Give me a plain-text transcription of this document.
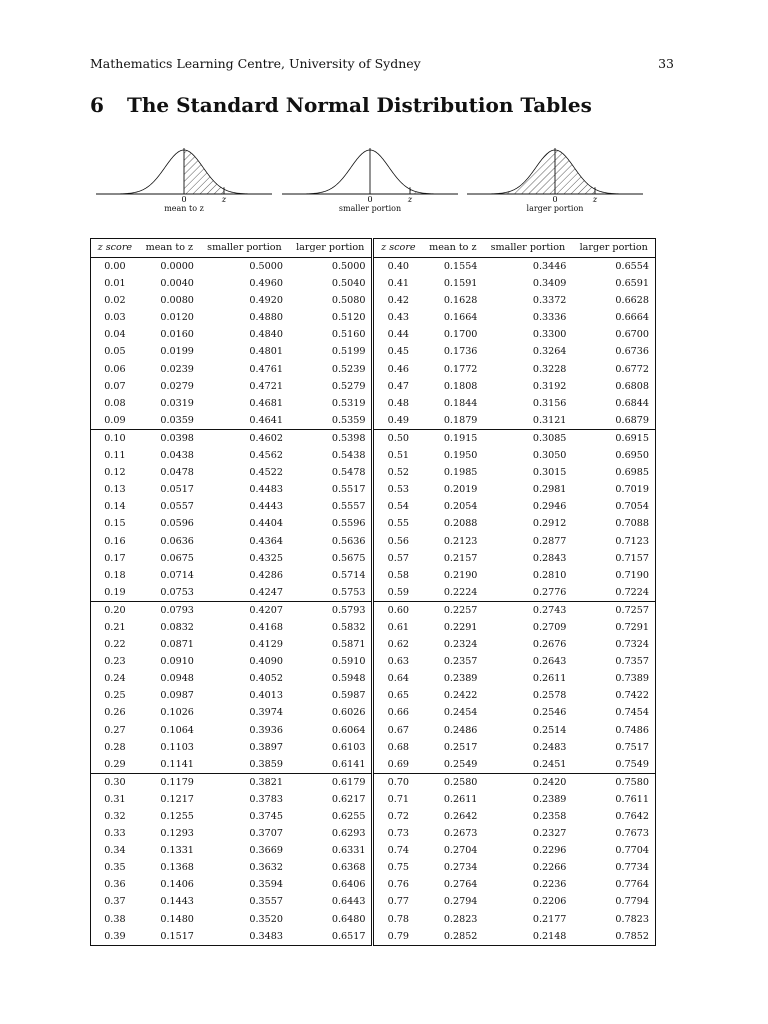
Mathematics Learning Centre, University of Sydney	33
6 The Standard Normal Distribution Tables
0	z
mean to z
0	z
smaller portion
0	z
larger portion
z score	mean to z	smaller portion	larger portion	z score	mean to z	smaller portion	larger portion
0.00	0.0000	0.5000	0.5000	0.40	0.1554	0.3446	0.6554
0.01	0.0040	0.4960	0.5040	0.41	0.1591	0.3409	0.6591
0.02	0.0080	0.4920	0.5080	0.42	0.1628	0.3372	0.6628
0.03	0.0120	0.4880	0.5120	0.43	0.1664	0.3336	0.6664
0.04	0.0160	0.4840	0.5160	0.44	0.1700	0.3300	0.6700
0.05	0.0199	0.4801	0.5199	0.45	0.1736	0.3264	0.6736
0.06	0.0239	0.4761	0.5239	0.46	0.1772	0.3228	0.6772
0.07	0.0279	0.4721	0.5279	0.47	0.1808	0.3192	0.6808
0.08	0.0319	0.4681	0.5319	0.48	0.1844	0.3156	0.6844
0.09	0.0359	0.4641	0.5359	0.49	0.1879	0.3121	0.6879
0.10	0.0398	0.4602	0.5398	0.50	0.1915	0.3085	0.6915
0.11	0.0438	0.4562	0.5438	0.51	0.1950	0.3050	0.6950
0.12	0.0478	0.4522	0.5478	0.52	0.1985	0.3015	0.6985
0.13	0.0517	0.4483	0.5517	0.53	0.2019	0.2981	0.7019
0.14	0.0557	0.4443	0.5557	0.54	0.2054	0.2946	0.7054
0.15	0.0596	0.4404	0.5596	0.55	0.2088	0.2912	0.7088
0.16	0.0636	0.4364	0.5636	0.56	0.2123	0.2877	0.7123
0.17	0.0675	0.4325	0.5675	0.57	0.2157	0.2843	0.7157
0.18	0.0714	0.4286	0.5714	0.58	0.2190	0.2810	0.7190
0.19	0.0753	0.4247	0.5753	0.59	0.2224	0.2776	0.7224
0.20	0.0793	0.4207	0.5793	0.60	0.2257	0.2743	0.7257
0.21	0.0832	0.4168	0.5832	0.61	0.2291	0.2709	0.7291
0.22	0.0871	0.4129	0.5871	0.62	0.2324	0.2676	0.7324
0.23	0.0910	0.4090	0.5910	0.63	0.2357	0.2643	0.7357
0.24	0.0948	0.4052	0.5948	0.64	0.2389	0.2611	0.7389
0.25	0.0987	0.4013	0.5987	0.65	0.2422	0.2578	0.7422
0.26	0.1026	0.3974	0.6026	0.66	0.2454	0.2546	0.7454
0.27	0.1064	0.3936	0.6064	0.67	0.2486	0.2514	0.7486
0.28	0.1103	0.3897	0.6103	0.68	0.2517	0.2483	0.7517
0.29	0.1141	0.3859	0.6141	0.69	0.2549	0.2451	0.7549
0.30	0.1179	0.3821	0.6179	0.70	0.2580	0.2420	0.7580
0.31	0.1217	0.3783	0.6217	0.71	0.2611	0.2389	0.7611
0.32	0.1255	0.3745	0.6255	0.72	0.2642	0.2358	0.7642
0.33	0.1293	0.3707	0.6293	0.73	0.2673	0.2327	0.7673
0.34	0.1331	0.3669	0.6331	0.74	0.2704	0.2296	0.7704
0.35	0.1368	0.3632	0.6368	0.75	0.2734	0.2266	0.7734
0.36	0.1406	0.3594	0.6406	0.76	0.2764	0.2236	0.7764
0.37	0.1443	0.3557	0.6443	0.77	0.2794	0.2206	0.7794
0.38	0.1480	0.3520	0.6480	0.78	0.2823	0.2177	0.7823
0.39	0.1517	0.3483	0.6517	0.79	0.2852	0.2148	0.7852
